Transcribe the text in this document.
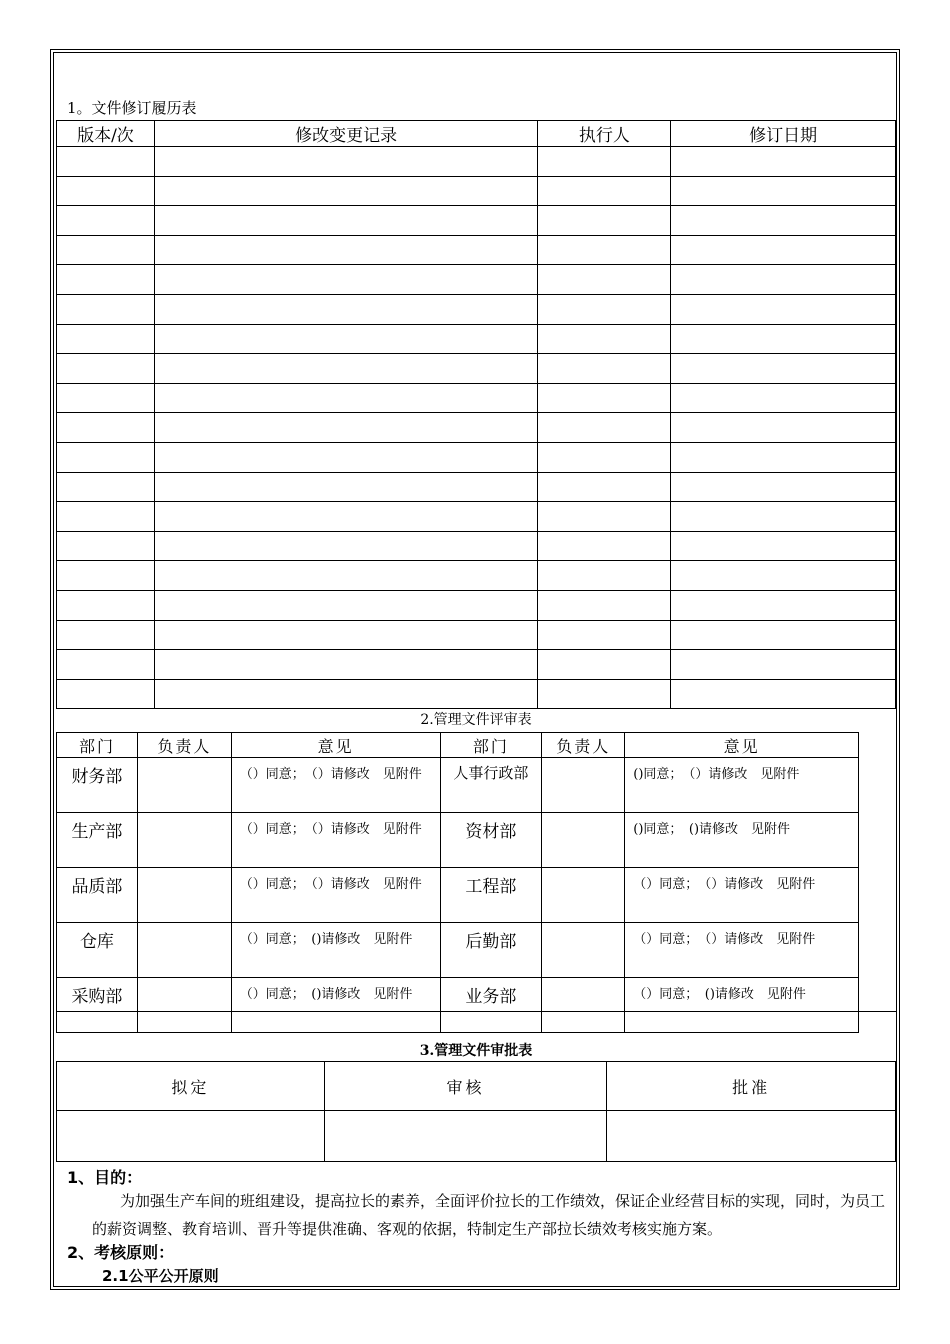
1。文件修订履历表
版本/次	修改变更记录	执行人	修订日期

2.管理文件评审表
部门	负责人	意见	部门	负责人	意见
财务部		（）同意；　（）请修改　见附件	人事行政部		()同意；　（）请修改　见附件
生产部		（）同意；　（）请修改　见附件	资材部		()同意；　()请修改　见附件
品质部		（）同意；　（）请修改　见附件	工程部		（）同意；　（）请修改　见附件
仓库		（）同意；　()请修改　见附件	后勤部		（）同意；　（）请修改　见附件
采购部		（）同意；　()请修改　见附件	业务部		（）同意；　()请修改　见附件
3.管理文件审批表
拟定	审核	批准

1、目的：
为加强生产车间的班组建设，提高拉长的素养，全面评价拉长的工作绩效，保证企业经营目标的实现，同时，为员工的薪资调整、教育培训、晋升等提供准确、客观的依据，特制定生产部拉长绩效考核实施方案。
2、考核原则：
2.1公平公开原则
